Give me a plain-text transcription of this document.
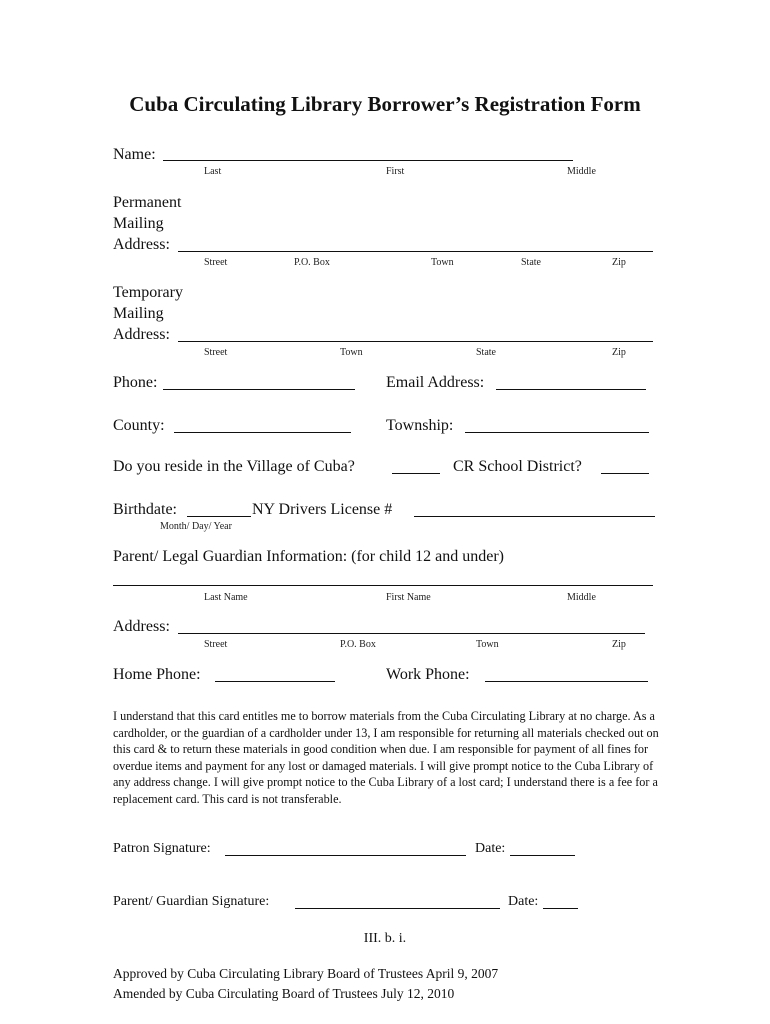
Cuba Circulating Library Borrower’s Registration Form
Name:
Last	First	Middle
Permanent
Mailing
Address:
Street	P.O. Box	Town	State	Zip
Temporary
Mailing
Address:
Street	Town	State	Zip
Phone:	Email Address:
County:	Township:
Do you reside in the Village of Cuba?	CR School District?
Birthdate:	NY Drivers License #
Month/ Day/ Year
Parent/ Legal Guardian Information: (for child 12 and under)
Last Name	First Name	Middle
Address:
Street	P.O. Box	Town	Zip
Home Phone:	Work Phone:
I understand that this card entitles me to borrow materials from the Cuba Circulating Library at no charge. As a cardholder, or the guardian of a cardholder under 13, I am responsible for returning all materials checked out on this card & to return these materials in good condition when due. I am responsible for payment of all fines for overdue items and payment for any lost or damaged materials. I will give prompt notice to the Cuba Library of any address change. I will give prompt notice to the Cuba Library of a lost card; I understand there is a fee for a replacement card. This card is not transferable.
Patron Signature:	Date:
Parent/ Guardian Signature:	Date:
III. b. i.
Approved by Cuba Circulating Library Board of Trustees April 9, 2007
Amended by Cuba Circulating Board of Trustees July 12, 2010
